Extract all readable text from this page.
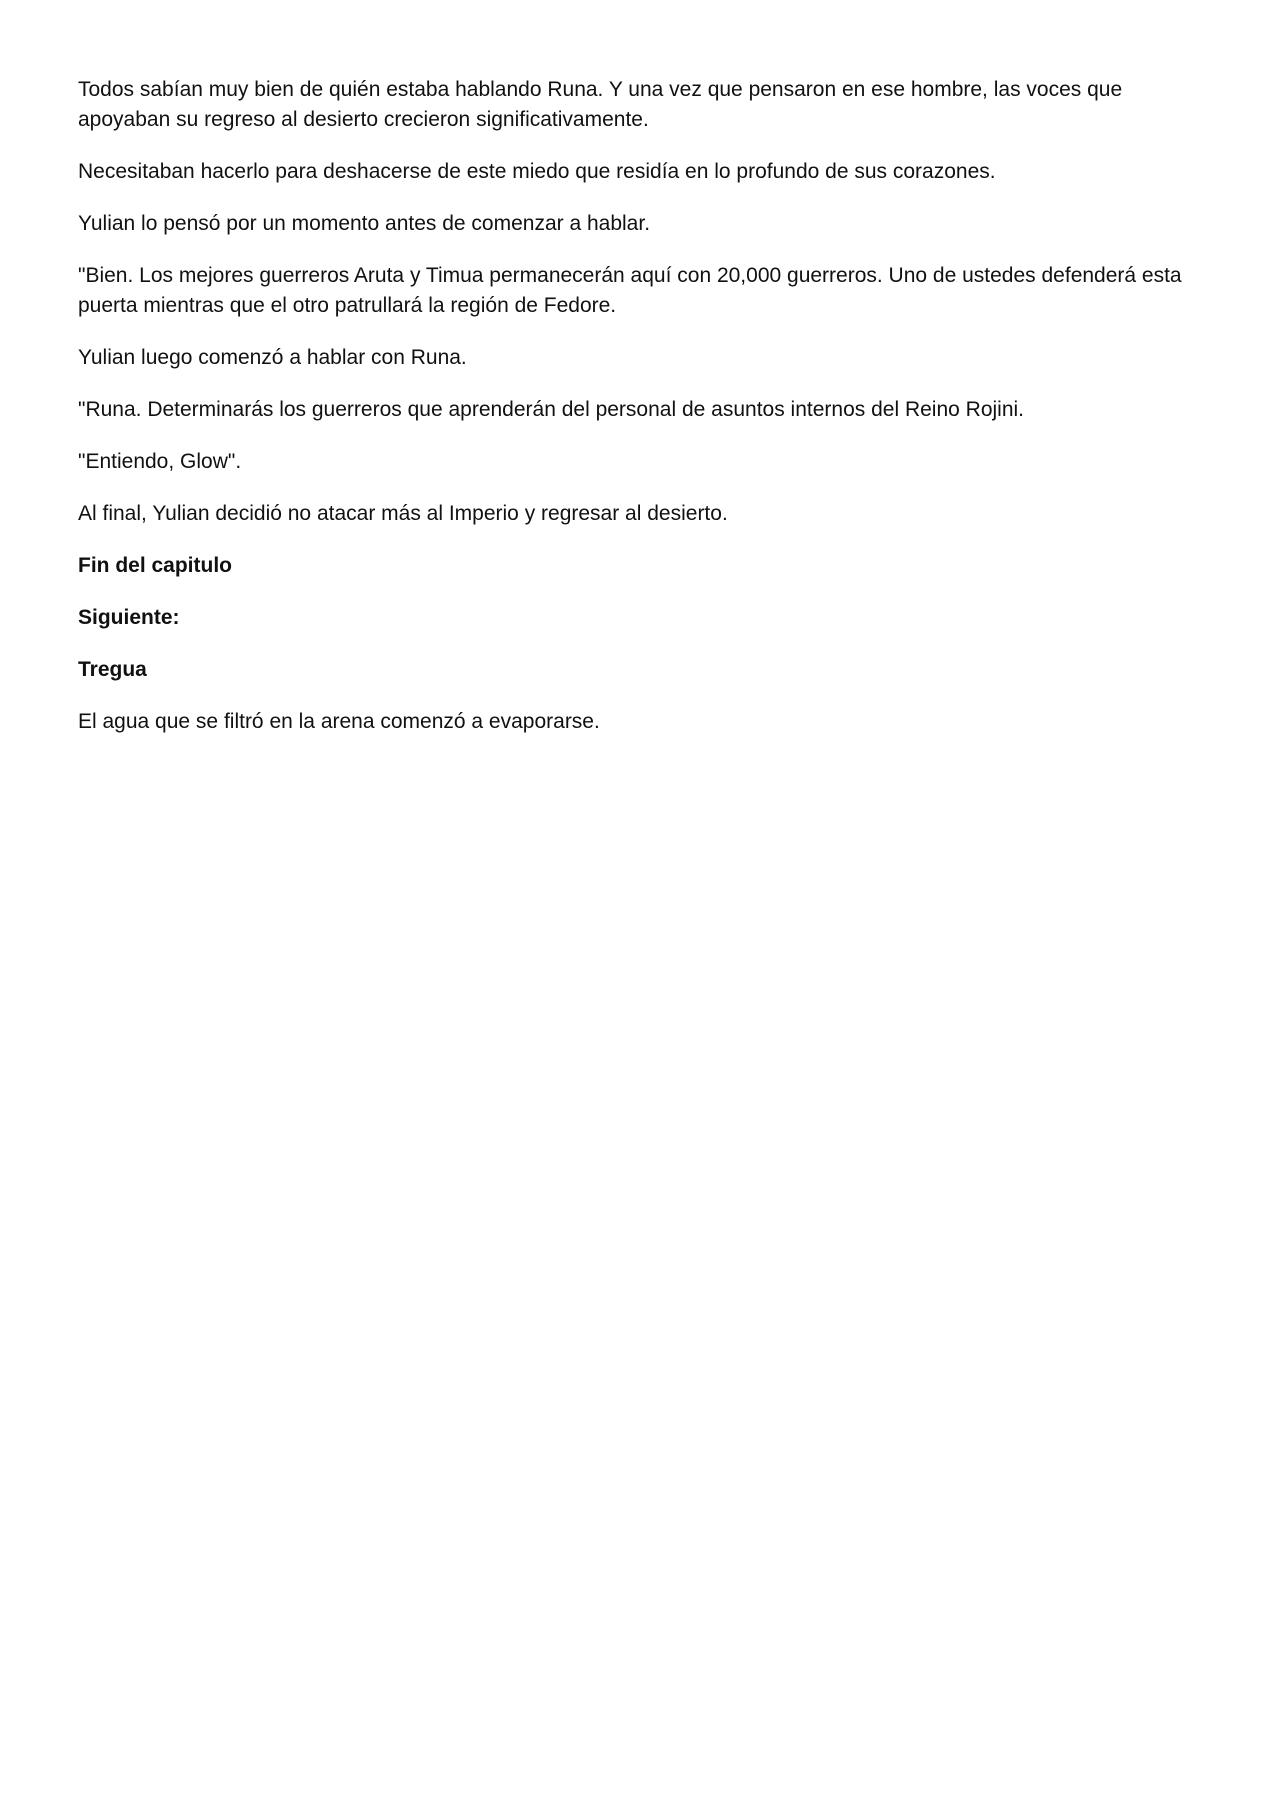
Todos sabían muy bien de quién estaba hablando Runa. Y una vez que pensaron en ese hombre, las voces que apoyaban su regreso al desierto crecieron significativamente.

Necesitaban hacerlo para deshacerse de este miedo que residía en lo profundo de sus corazones.

Yulian lo pensó por un momento antes de comenzar a hablar.

"Bien. Los mejores guerreros Aruta y Timua permanecerán aquí con 20,000 guerreros. Uno de ustedes defenderá esta puerta mientras que el otro patrullará la región de Fedore.

Yulian luego comenzó a hablar con Runa.

"Runa. Determinarás los guerreros que aprenderán del personal de asuntos internos del Reino Rojini.

"Entiendo, Glow".

Al final, Yulian decidió no atacar más al Imperio y regresar al desierto.

Fin del capitulo

Siguiente:

Tregua

El agua que se filtró en la arena comenzó a evaporarse.
